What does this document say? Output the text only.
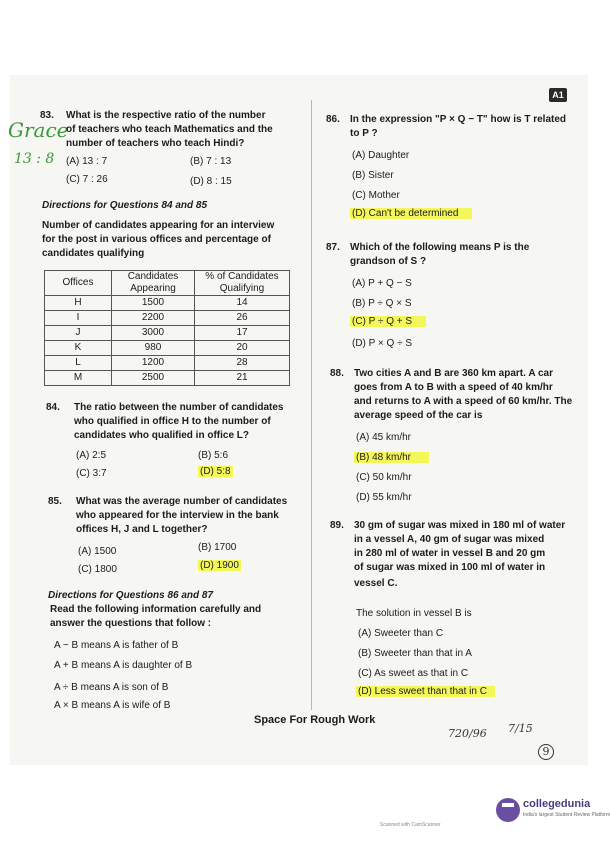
A1
Grace
13 : 8
720/96 7/15
9
83. What is the respective ratio of the number
of teachers who teach Mathematics and the
number of teachers who teach Hindi?
(A) 13 : 7	(B) 7 : 13
(C) 7 : 26	(D) 8 : 15
Directions for Questions 84 and 85
Number of candidates appearing for an interview
for the post in various offices and percentage of
candidates qualifying
Offices	Candidates Appearing	% of Candidates Qualifying
H	1500	14
I	2200	26
J	3000	17
K	980	20
L	1200	28
M	2500	21
84. The ratio between the number of candidates
who qualified in office H to the number of
candidates who qualified in office L?
(A) 2:5	(B) 5:6
(C) 3:7	(D) 5:8
85. What was the average number of candidates
who appeared for the interview in the bank
offices H, J and L together?
(A) 1500	(B) 1700
(C) 1800	(D) 1900
Directions for Questions 86 and 87
Read the following information carefully and
answer the questions that follow :
A − B means A is father of B
A + B means A is daughter of B
A ÷ B means A is son of B
A × B means A is wife of B
86. In the expression "P × Q − T" how is T related
to P ?
(A) Daughter
(B) Sister
(C) Mother
(D) Can't be determined
87. Which of the following means P is the
grandson of S ?
(A) P + Q − S
(B) P ÷ Q × S
(C) P ÷ Q + S
(D) P × Q ÷ S
88. Two cities A and B are 360 km apart. A car
goes from A to B with a speed of 40 km/hr
and returns to A with a speed of 60 km/hr. The
average speed of the car is
(A) 45 km/hr
(B) 48 km/hr
(C) 50 km/hr
(D) 55 km/hr
89. 30 gm of sugar was mixed in 180 ml of water
in a vessel A, 40 gm of sugar was mixed
in 280 ml of water in vessel B and 20 gm
of sugar was mixed in 100 ml of water in
vessel C.
The solution in vessel B is
(A) Sweeter than C
(B) Sweeter than that in A
(C) As sweet as that in C
(D) Less sweet than that in C
Space For Rough Work
collegedunia
India's largest Student Review Platform
Scanned with CamScanner
